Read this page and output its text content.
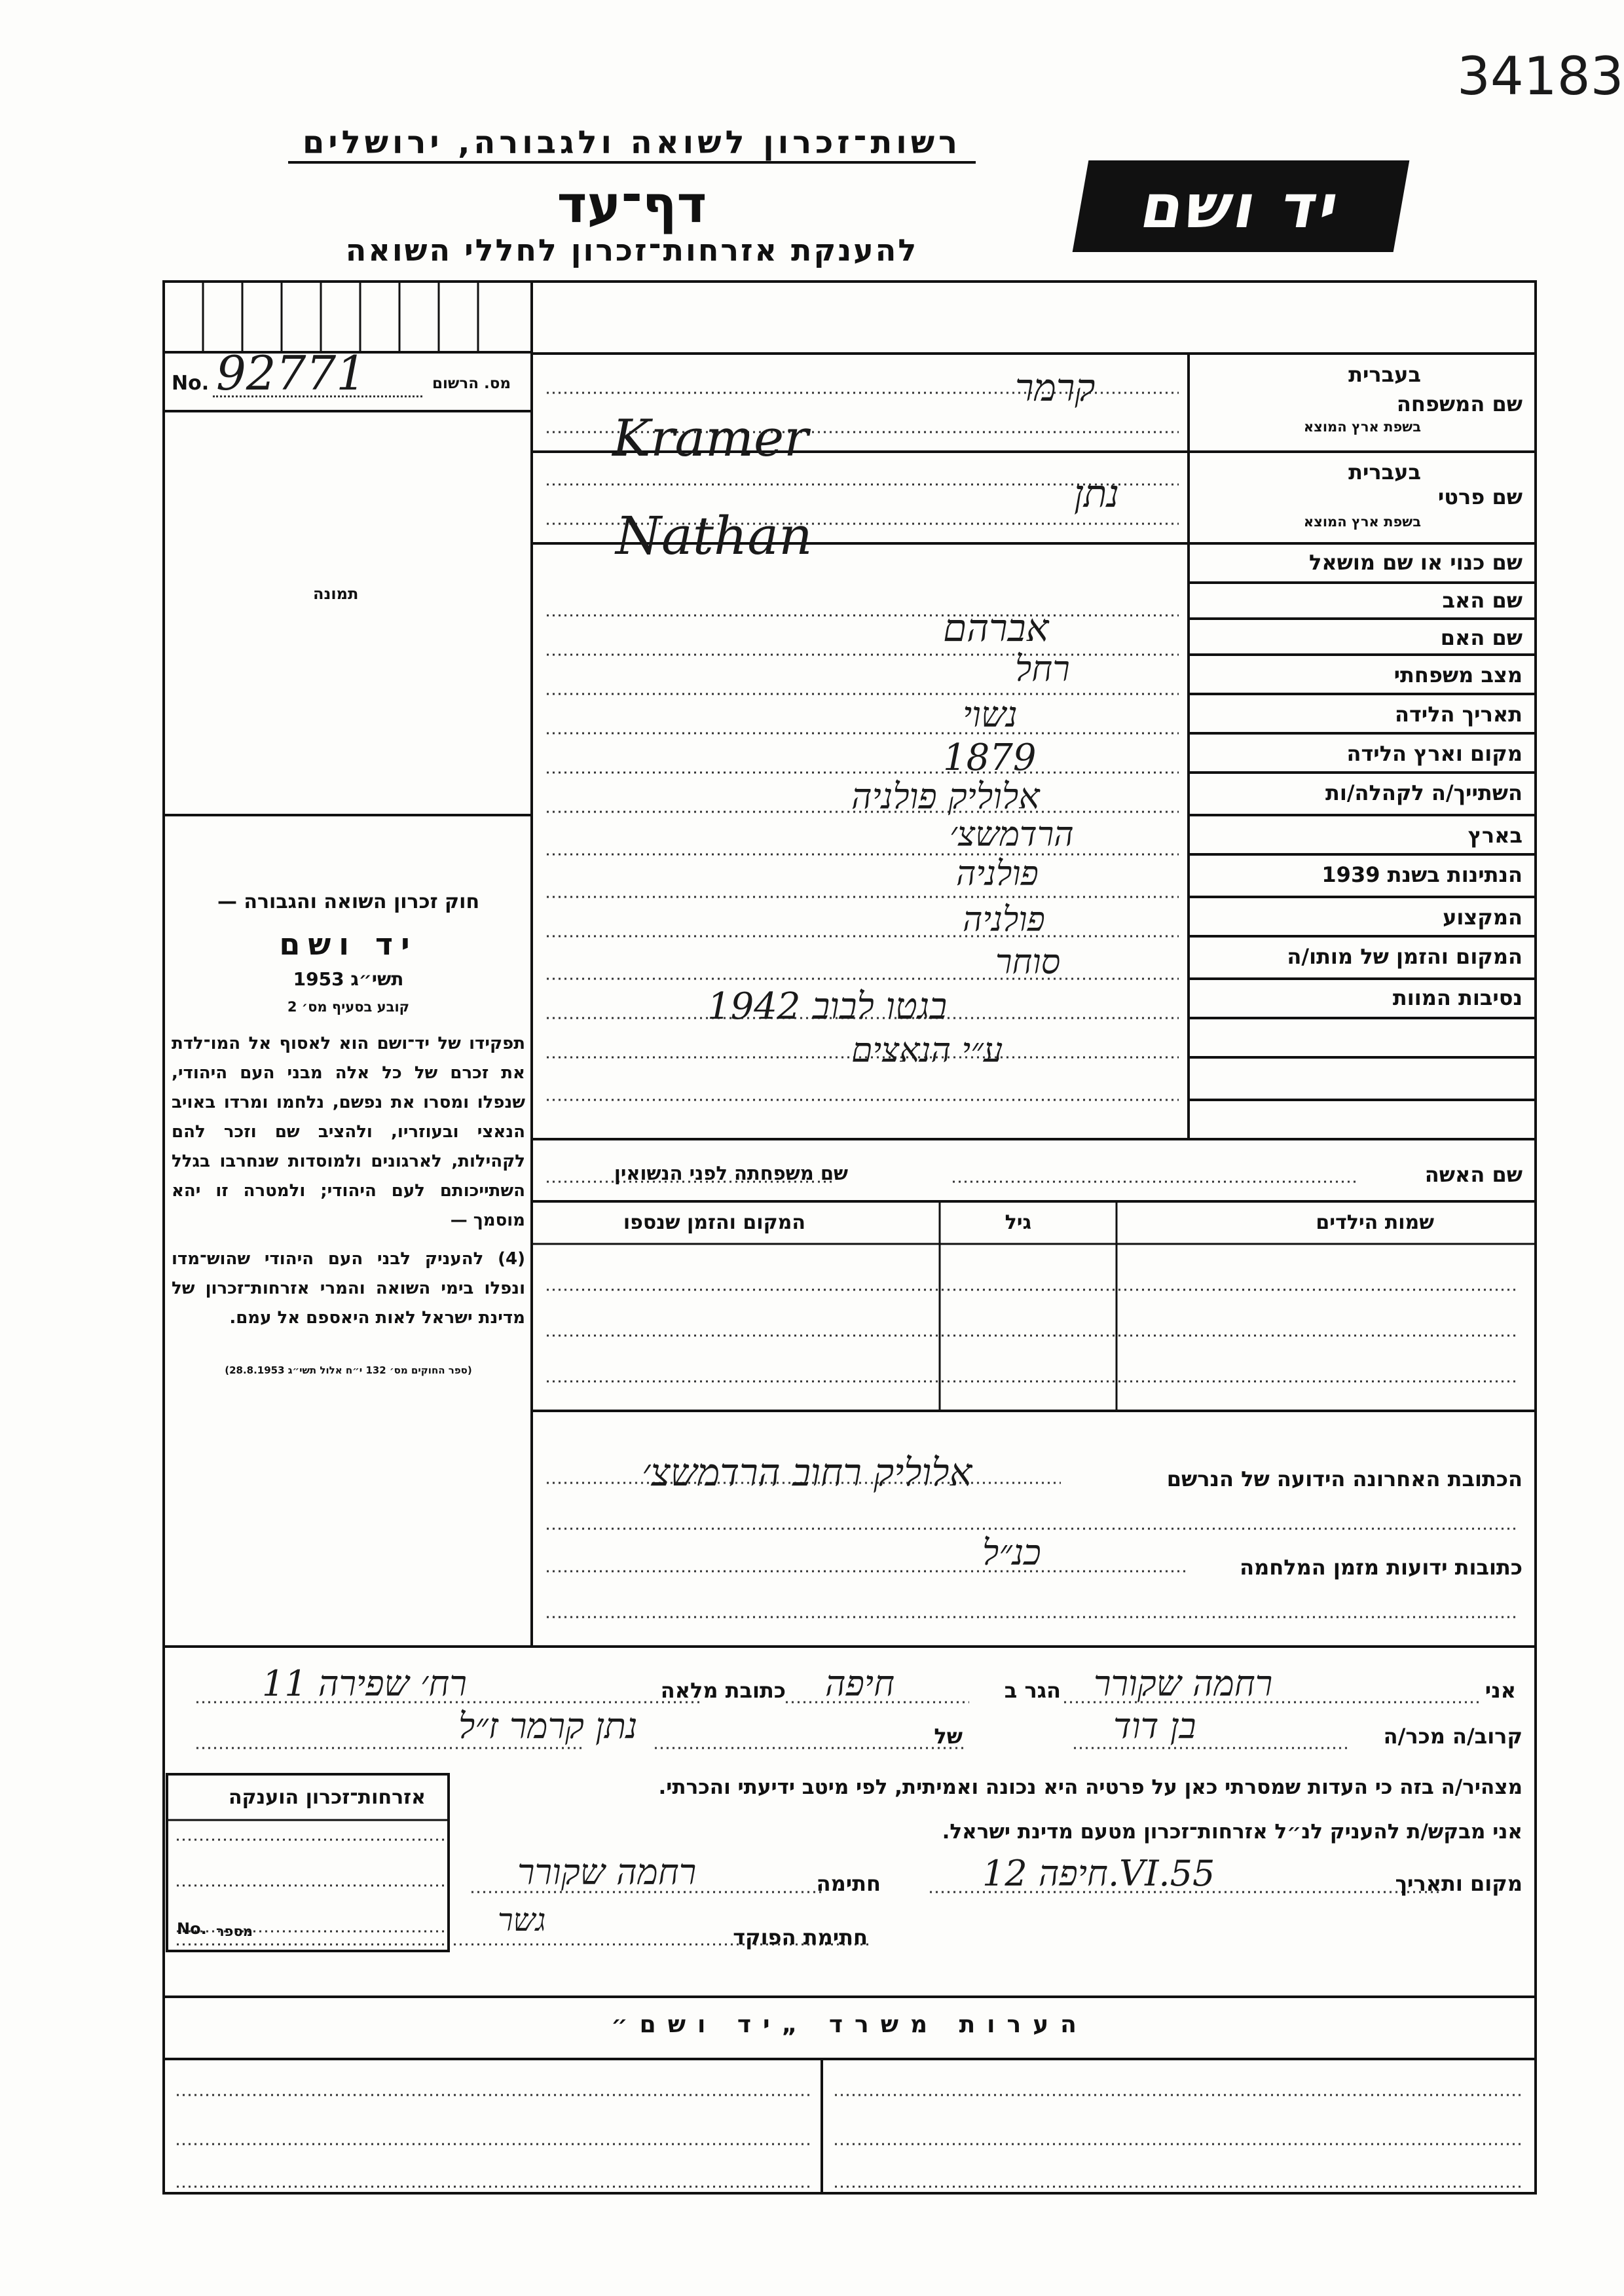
34183
רשות־זכרון לשואה ולגבורה, ירושלים
דף־עד
להענקת אזרחות־זכרון לחללי השואה
יד ושם
מס. הרשום
No. 92771
תמונה
בעברית
שם המשפחה
בשפת ארץ המוצא
בעברית
שם פרטי
בשפת ארץ המוצא
שם כנוי או שם מושאל
שם האב
שם האם
מצב משפחתי
תאריך הלידה
מקום וארץ הלידה
השתייך/ה לקהלה/ות
בארץ
הנתינות בשנת 1939
המקצוע
המקום והזמן של מותו/ה
נסיבות המוות
קרמר
Kramer
נתן
Nathan
אברהם
רחל
נשוי
1879
אלוליק פולניה
הרדמשצ׳
פולניה
פולניה
סוחר
בגטו לבוב 1942
ע״י הנאצים
שם האשה
שם משפחתה לפני הנשואין
שמות הילדים
גיל
המקום והזמן שנספו
הכתובת האחרונה הידועה של הנרשם
אלוליק רחוב הרדמשצ׳
כתובות ידועות מזמן המלחמה
כנ״ל
חוק זכרון השואה והגבורה —
יד ושם
תשי״ג 1953
קובע בסעיף מס׳ 2
תפקידו של יד־ושם הוא לאסוף אל המו־לדת את זכרם של כל אלה מבני העם היהודי, שנפלו ומסרו את נפשם, נלחמו ומרדו באויב הנאצי ובעוזריו, ולהציב שם וזכר להם לקהילות, לארגונים ולמוסדות שנחרבו בגלל השתייכותם לעם היהודי; ולמטרה זו יהא מוסמך —
(4) להעניק לבני העם היהודי שהוש־מדו ונפלו בימי השואה והמרי אזרחות־זכרון של מדינת ישראל לאות היאספם אל עמם.
(ספר החוקים מס׳ 132 י״ח אלול תשי״ג 28.8.1953)
אני
רחמה שקורר
הגר ב
חיפה
כתובת מלאה
רח׳ שפירה 11
קרוב/ה מכר/ה
בן דוד
של
נתן קרמר ז״ל
מצהיר/ה בזה כי העדות שמסרתי כאן על פרטיה היא נכונה ואמיתית, לפי מיטב ידיעתי והכרתי.
אני מבקש/ת להעניק לנ״ל אזרחות־זכרון מטעם מדינת ישראל.
מקום ותאריך
חיפה 12.VI.55
חתימה
רחמה שקורר
חתימת הפוקד
גשר
אזרחות־זכרון הוענקה
מספר
No.
הערות משרד „יד ושם״
